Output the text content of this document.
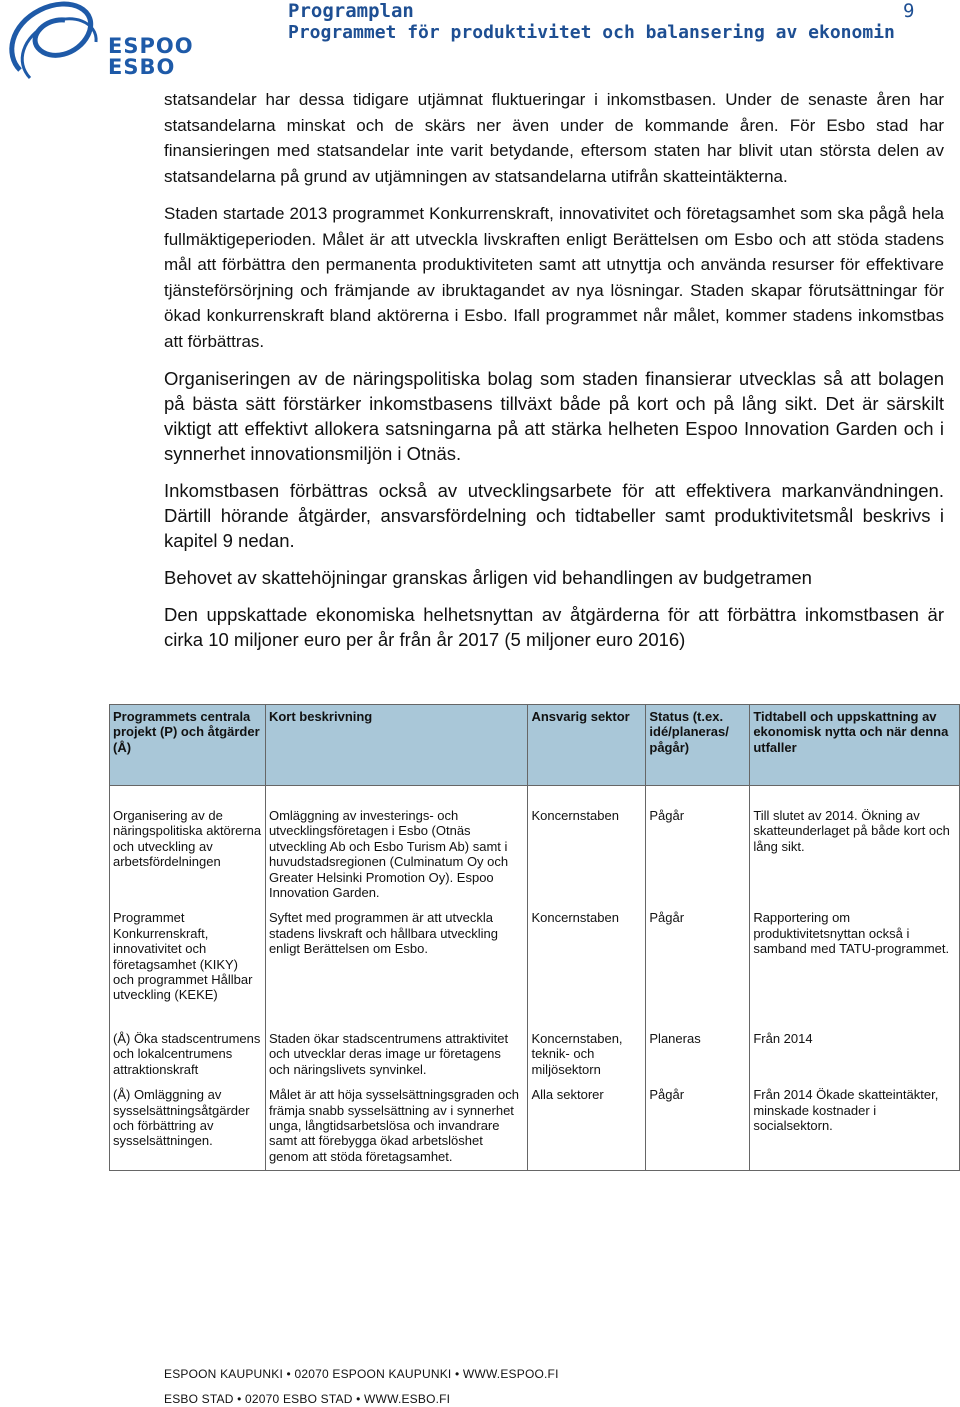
ESPOO
ESBO
Programplan
Programmet för produktivitet och balansering av ekonomin
9

statsandelar har dessa tidigare utjämnat fluktueringar i inkomstbasen. Under de senaste åren har statsandelarna minskat och de skärs ner även under de kommande åren. För Esbo stad har finansieringen med statsandelar inte varit betydande, eftersom staten har blivit utan största delen av statsandelarna på grund av utjämningen av statsandelarna utifrån skatteintäkterna.

Staden startade 2013 programmet Konkurrenskraft, innovativitet och företagsamhet som ska pågå hela fullmäktigeperioden. Målet är att utveckla livskraften enligt Berättelsen om Esbo och att stöda stadens mål att förbättra den permanenta produktiviteten samt att utnyttja och använda resurser för effektivare tjänsteförsörjning och främjande av ibruktagandet av nya lösningar. Staden skapar förutsättningar för ökad konkurrenskraft bland aktörerna i Esbo. Ifall programmet når målet, kommer stadens inkomstbas att förbättras.

Organiseringen av de näringspolitiska bolag som staden finansierar utvecklas så att bolagen på bästa sätt förstärker inkomstbasens tillväxt både på kort och på lång sikt. Det är särskilt viktigt att effektivt allokera satsningarna på att stärka helheten Espoo Innovation Garden och i synnerhet innovationsmiljön i Otnäs.

Inkomstbasen förbättras också av utvecklingsarbete för att effektivera markanvändningen. Därtill hörande åtgärder, ansvarsfördelning och tidtabeller samt produktivitetsmål beskrivs i kapitel 9 nedan.

Behovet av skattehöjningar granskas årligen vid behandlingen av budgetramen

Den uppskattade ekonomiska helhetsnyttan av åtgärderna för att förbättra inkomstbasen är cirka 10 miljoner euro per år från år 2017 (5 miljoner euro 2016)

Programmets centrala projekt (P) och åtgärder (Å)	Kort beskrivning	Ansvarig sektor	Status (t.ex. idé/planeras/ pågår)	Tidtabell och uppskattning av ekonomisk nytta och när denna utfaller

Organisering av de näringspolitiska aktörerna och utveckling av arbetsfördelningen	Omläggning av investerings- och utvecklingsföretagen i Esbo (Otnäs utveckling Ab och Esbo Turism Ab) samt i huvudstadsregionen (Culminatum Oy och Greater Helsinki Promotion Oy). Espoo Innovation Garden.	Koncernstaben	Pågår	Till slutet av 2014. Ökning av skatteunderlaget på både kort och lång sikt.
Programmet Konkurrenskraft, innovativitet och företagsamhet (KIKY) och programmet Hållbar utveckling (KEKE)	Syftet med programmen är att utveckla stadens livskraft och hållbara utveckling enligt Berättelsen om Esbo.	Koncernstaben	Pågår	Rapportering om produktivitetsnyttan också i samband med TATU-programmet.

(Å) Öka stadscentrumens och lokalcentrumens attraktionskraft	Staden ökar stadscentrumens attraktivitet och utvecklar deras image ur företagens och näringslivets synvinkel.	Koncernstaben, teknik- och miljösektorn	Planeras	Från 2014
(Å) Omläggning av sysselsättningsåtgärder och förbättring av sysselsättningen.	Målet är att höja sysselsättningsgraden och främja snabb sysselsättning av i synnerhet unga, långtidsarbetslösa och invandrare samt att förebygga ökad arbetslöshet genom att stöda företagsamhet.	Alla sektorer	Pågår	Från 2014 Ökade skatteintäkter, minskade kostnader i socialsektorn.
ESPOON KAUPUNKI • 02070 ESPOON KAUPUNKI • WWW.ESPOO.FI
ESBO STAD • 02070 ESBO STAD • WWW.ESBO.FI
